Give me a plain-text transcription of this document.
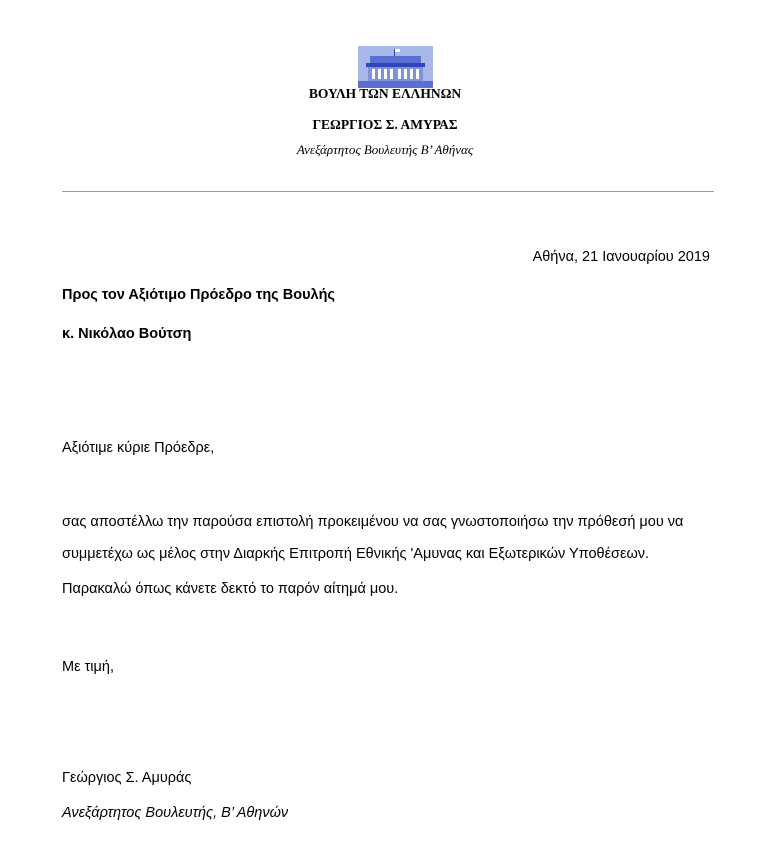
ΒΟΥΛΗ ΤΩΝ ΕΛΛΗΝΩΝ
ΓΕΩΡΓΙΟΣ Σ. ΑΜΥΡΑΣ
Ανεξάρτητος Βουλευτής Β’ Αθήνας
Αθήνα, 21 Ιανουαρίου 2019
Προς τον Αξιότιμο Πρόεδρο της Βουλής
κ. Νικόλαο Βούτση
Αξιότιμε κύριε Πρόεδρε,
σας αποστέλλω την παρούσα επιστολή προκειμένου να σας γνωστοποιήσω την πρόθεσή μου να
συμμετέχω ως μέλος στην Διαρκής Επιτροπή Εθνικής 'Αμυνας και Εξωτερικών Υποθέσεων.
Παρακαλώ όπως κάνετε δεκτό το παρόν αίτημά μου.
Με τιμή,
Γεώργιος Σ. Αμυράς
Ανεξάρτητος Βουλευτής, Β’ Αθηνών
